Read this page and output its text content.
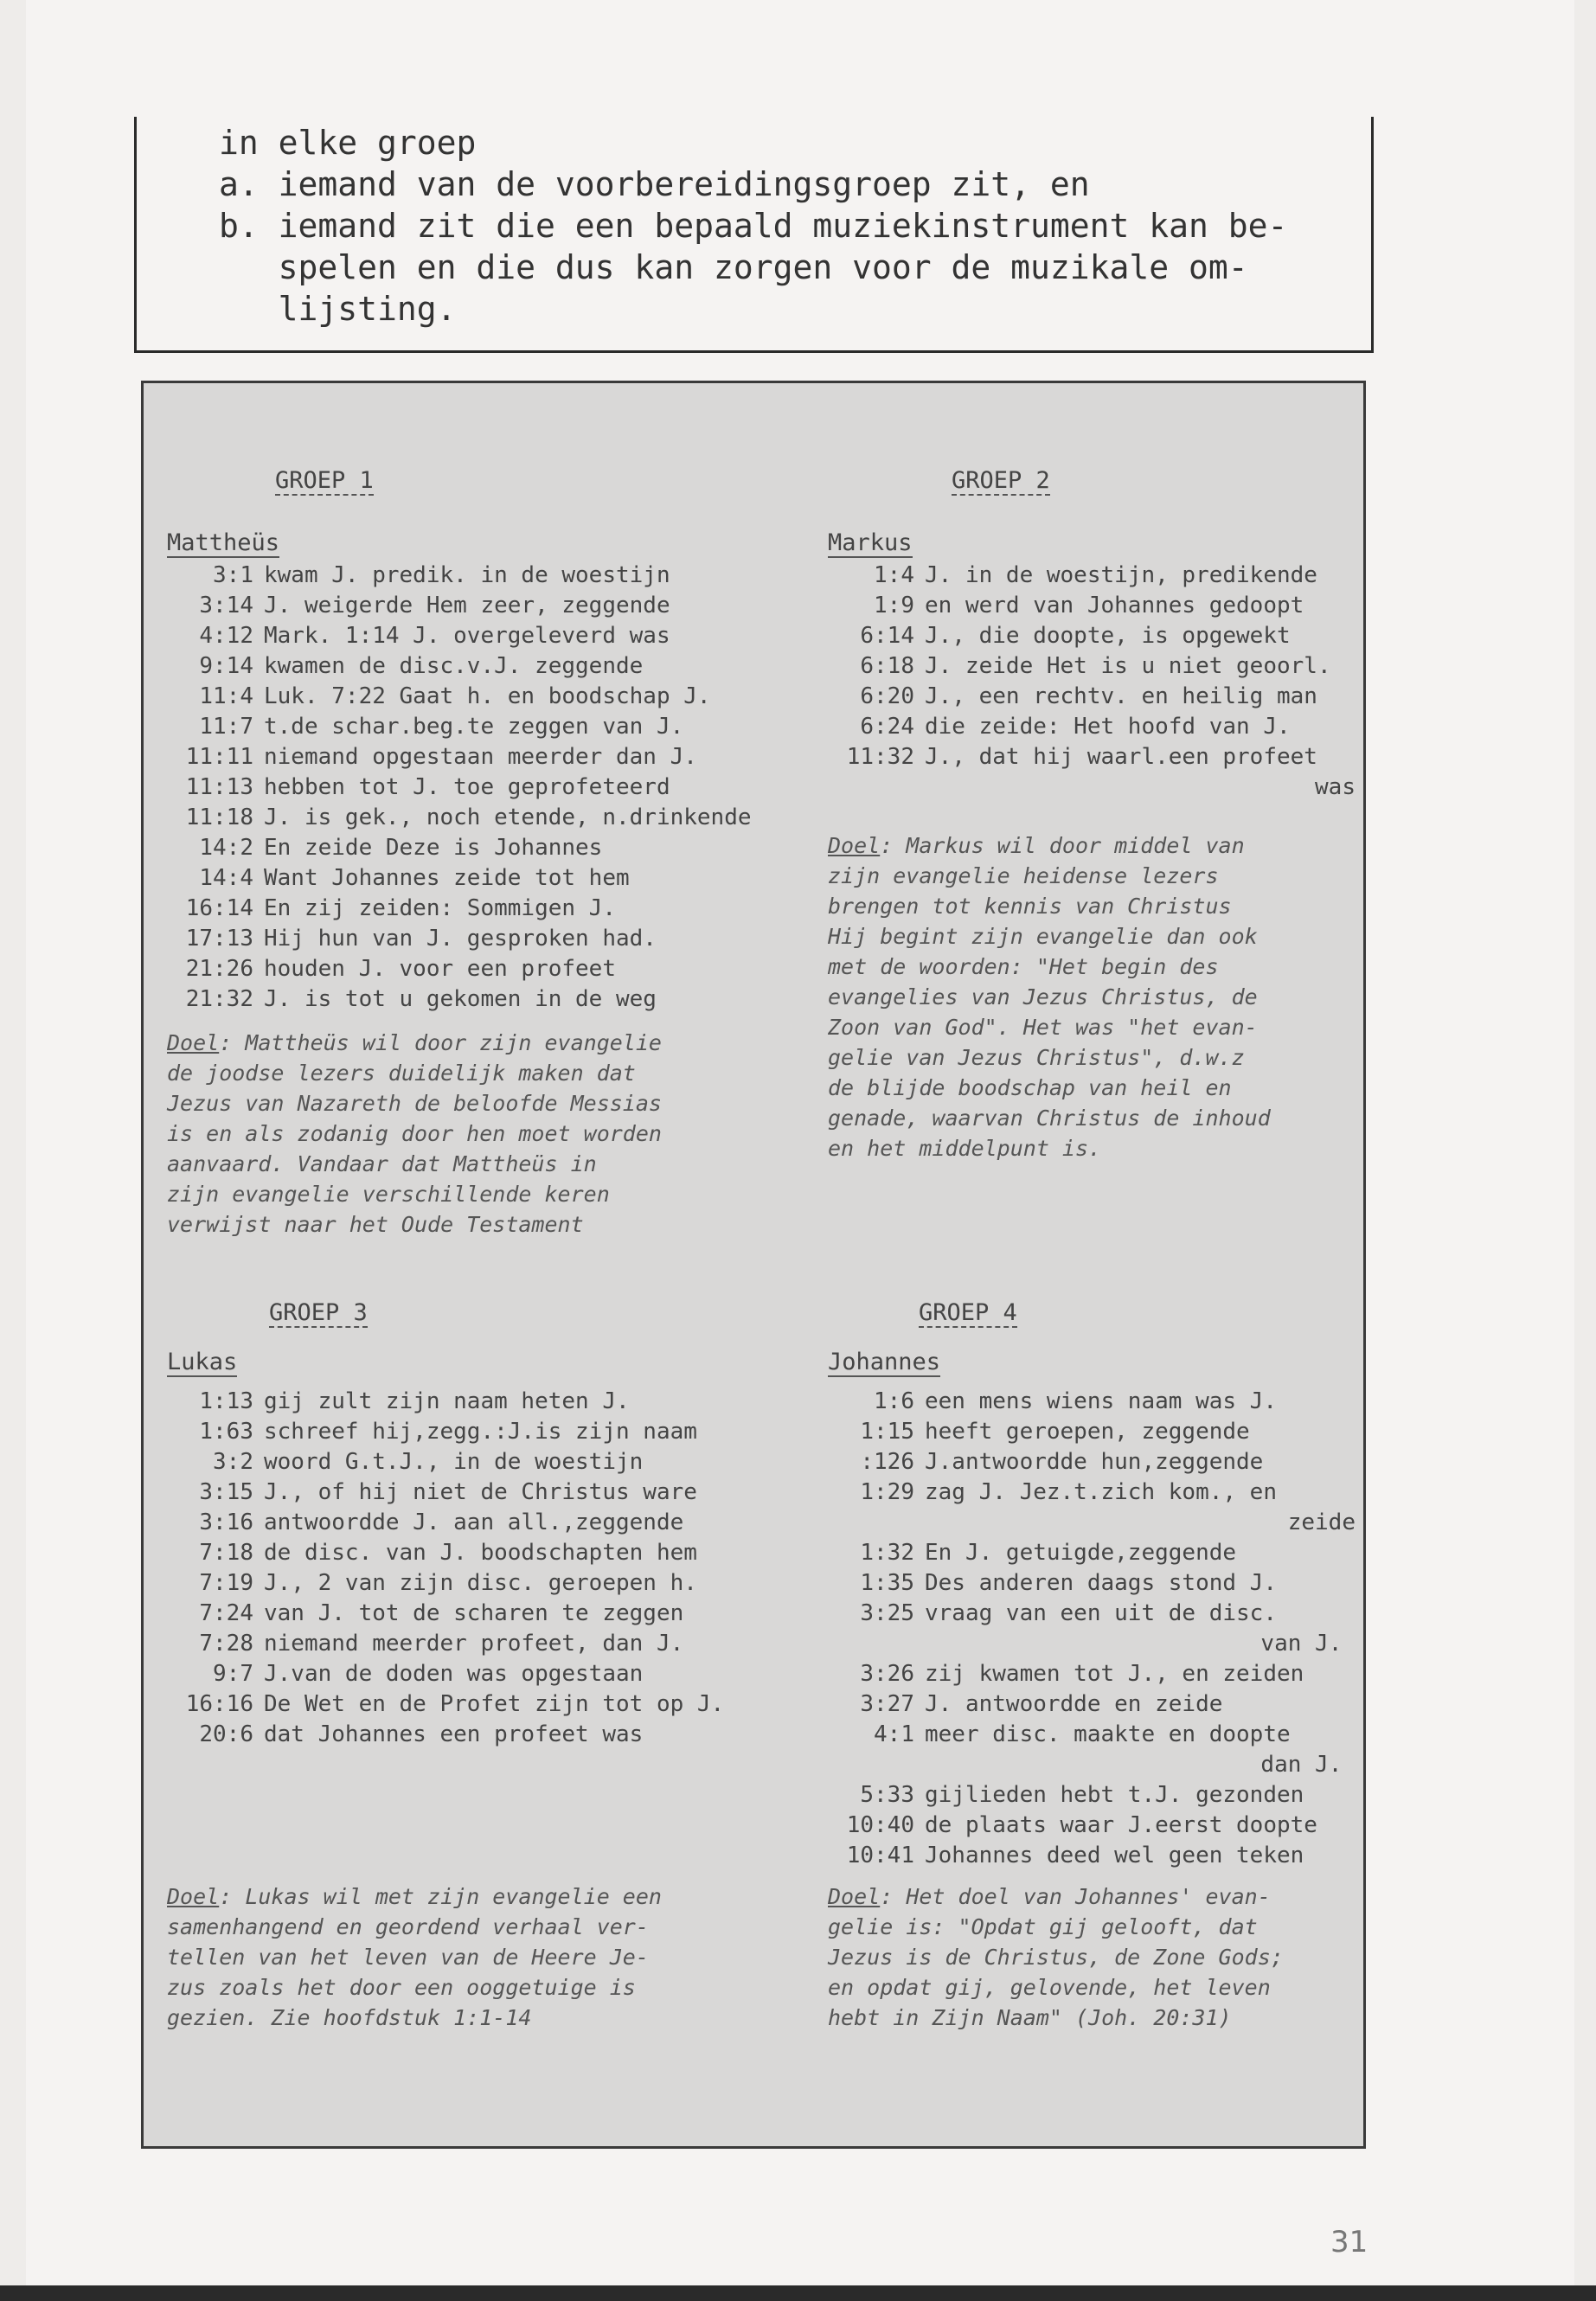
in elke groep
a. iemand van de voorbereidingsgroep zit, en
b. iemand zit die een bepaald muziekinstrument kan be-
spelen en die dus kan zorgen voor de muzikale om-
lijsting.
GROEP 1
Mattheüs
3:1 kwam J. predik. in de woestijn
3:14 J. weigerde Hem zeer, zeggende
4:12 Mark. 1:14 J. overgeleverd was
9:14 kwamen de disc.v.J. zeggende
11:4 Luk. 7:22 Gaat h. en boodschap J.
11:7 t.de schar.beg.te zeggen van J.
11:11 niemand opgestaan meerder dan J.
11:13 hebben tot J. toe geprofeteerd
11:18 J. is gek., noch etende, n.drinkende
14:2 En zeide Deze is Johannes
14:4 Want Johannes zeide tot hem
16:14 En zij zeiden: Sommigen J.
17:13 Hij hun van J. gesproken had.
21:26 houden J. voor een profeet
21:32 J. is tot u gekomen in de weg
Doel: Mattheüs wil door zijn evangelie
de joodse lezers duidelijk maken dat
Jezus van Nazareth de beloofde Messias
is en als zodanig door hen moet worden
aanvaard. Vandaar dat Mattheüs in
zijn evangelie verschillende keren
verwijst naar het Oude Testament
GROEP 2
Markus
1:4 J. in de woestijn, predikende
1:9 en werd van Johannes gedoopt
6:14 J., die doopte, is opgewekt
6:18 J. zeide Het is u niet geoorl.
6:20 J., een rechtv. en heilig man
6:24 die zeide: Het hoofd van J.
11:32 J., dat hij waarl.een profeet
was
Doel: Markus wil door middel van
zijn evangelie heidense lezers
brengen tot kennis van Christus
Hij begint zijn evangelie dan ook
met de woorden: "Het begin des
evangelies van Jezus Christus, de
Zoon van God". Het was "het evan-
gelie van Jezus Christus", d.w.z
de blijde boodschap van heil en
genade, waarvan Christus de inhoud
en het middelpunt is.
GROEP 3
Lukas
1:13 gij zult zijn naam heten J.
1:63 schreef hij,zegg.:J.is zijn naam
3:2 woord G.t.J., in de woestijn
3:15 J., of hij niet de Christus ware
3:16 antwoordde J. aan all.,zeggende
7:18 de disc. van J. boodschapten hem
7:19 J., 2 van zijn disc. geroepen h.
7:24 van J. tot de scharen te zeggen
7:28 niemand meerder profeet, dan J.
9:7 J.van de doden was opgestaan
16:16 De Wet en de Profet zijn tot op J.
20:6 dat Johannes een profeet was
Doel: Lukas wil met zijn evangelie een
samenhangend en geordend verhaal ver-
tellen van het leven van de Heere Je-
zus zoals het door een ooggetuige is
gezien. Zie hoofdstuk 1:1-14
GROEP 4
Johannes
1:6 een mens wiens naam was J.
1:15 heeft geroepen, zeggende
:126 J.antwoordde hun,zeggende
1:29 zag J. Jez.t.zich kom., en
zeide
1:32 En J. getuigde,zeggende
1:35 Des anderen daags stond J.
3:25 vraag van een uit de disc.
van J.
3:26 zij kwamen tot J., en zeiden
3:27 J. antwoordde en zeide
4:1 meer disc. maakte en doopte
dan J.
5:33 gijlieden hebt t.J. gezonden
10:40 de plaats waar J.eerst doopte
10:41 Johannes deed wel geen teken
Doel: Het doel van Johannes' evan-
gelie is: "Opdat gij gelooft, dat
Jezus is de Christus, de Zone Gods;
en opdat gij, gelovende, het leven
hebt in Zijn Naam" (Joh. 20:31)
31
